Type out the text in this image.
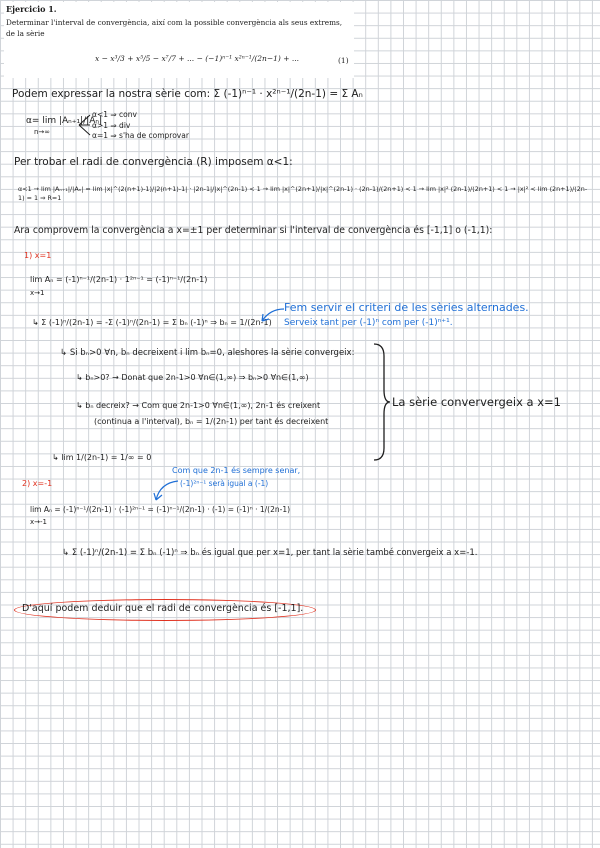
Ejercicio 1.
Determinar l'interval de convergència, així com la possible convergència als seus extrems, de la sèrie
x − x³/3 + x⁵/5 − x⁷/7 + ... − (−1)ⁿ⁻¹ x²ⁿ⁻¹/(2n−1) + ...	(1)
Podem expressar la nostra sèrie com: Σ (-1)ⁿ⁻¹ · x²ⁿ⁻¹/(2n-1) = Σ Aₙ
α= lim |Aₙ₊₁|/|Aₙ|
n→∞
α<1 ⇒ conv
α>1 ⇒ div
α=1 ⇒ s'ha de comprovar
Per trobar el radi de convergència (R) imposem α<1:
α<1 → lim |Aₙ₊₁|/|Aₙ| = lim |x|^(2(n+1)-1)/|2(n+1)-1| · |2n-1|/|x|^(2n-1) < 1 → lim |x|^(2n+1)/|x|^(2n-1) · (2n-1)/(2n+1) < 1 → lim |x|² (2n-1)/(2n+1) < 1 → |x|² < lim (2n+1)/(2n-1) = 1 ⇒ R=1
Ara comprovem la convergència a x=±1 per determinar si l'interval de convergència és [-1,1] o (-1,1):
1) x=1
lim Aₙ = (-1)ⁿ⁻¹/(2n-1) · 1²ⁿ⁻¹ = (-1)ⁿ⁻¹/(2n-1)
x→1
↳ Σ (-1)ⁿ/(2n-1) = -Σ (-1)ⁿ/(2n-1) = Σ bₙ (-1)ⁿ ⇒ bₙ = 1/(2n-1)
Fem servir el criteri de les sèries alternades.
Serveix tant per (-1)ⁿ com per (-1)ⁿ⁺¹.
↳ Si bₙ>0 ∀n, bₙ decreixent i lim bₙ=0, aleshores la sèrie convergeix:
↳ bₙ>0? → Donat que 2n-1>0 ∀n∈(1,∞) ⇒ bₙ>0 ∀n∈(1,∞)
↳ bₙ decreix? → Com que 2n-1>0 ∀n∈(1,∞), 2n-1 és creixent
(continua a l'interval), bₙ = 1/(2n-1) per tant és decreixent
↳ lim 1/(2n-1) = 1/∞ = 0
La sèrie conververgeix a x=1
Com que 2n-1 és sempre senar,
(-1)²ⁿ⁻¹ serà igual a (-1)
2) x=-1
lim Aₙ = (-1)ⁿ⁻¹/(2n-1) · (-1)²ⁿ⁻¹ = (-1)ⁿ⁻¹/(2n-1) · (-1) = (-1)ⁿ · 1/(2n-1)
x→-1
↳ Σ (-1)ⁿ/(2n-1) = Σ bₙ (-1)ⁿ ⇒ bₙ és igual que per x=1, per tant la sèrie també convergeix a x=-1.
D'aquí podem deduir que el radi de convergència és [-1,1].
